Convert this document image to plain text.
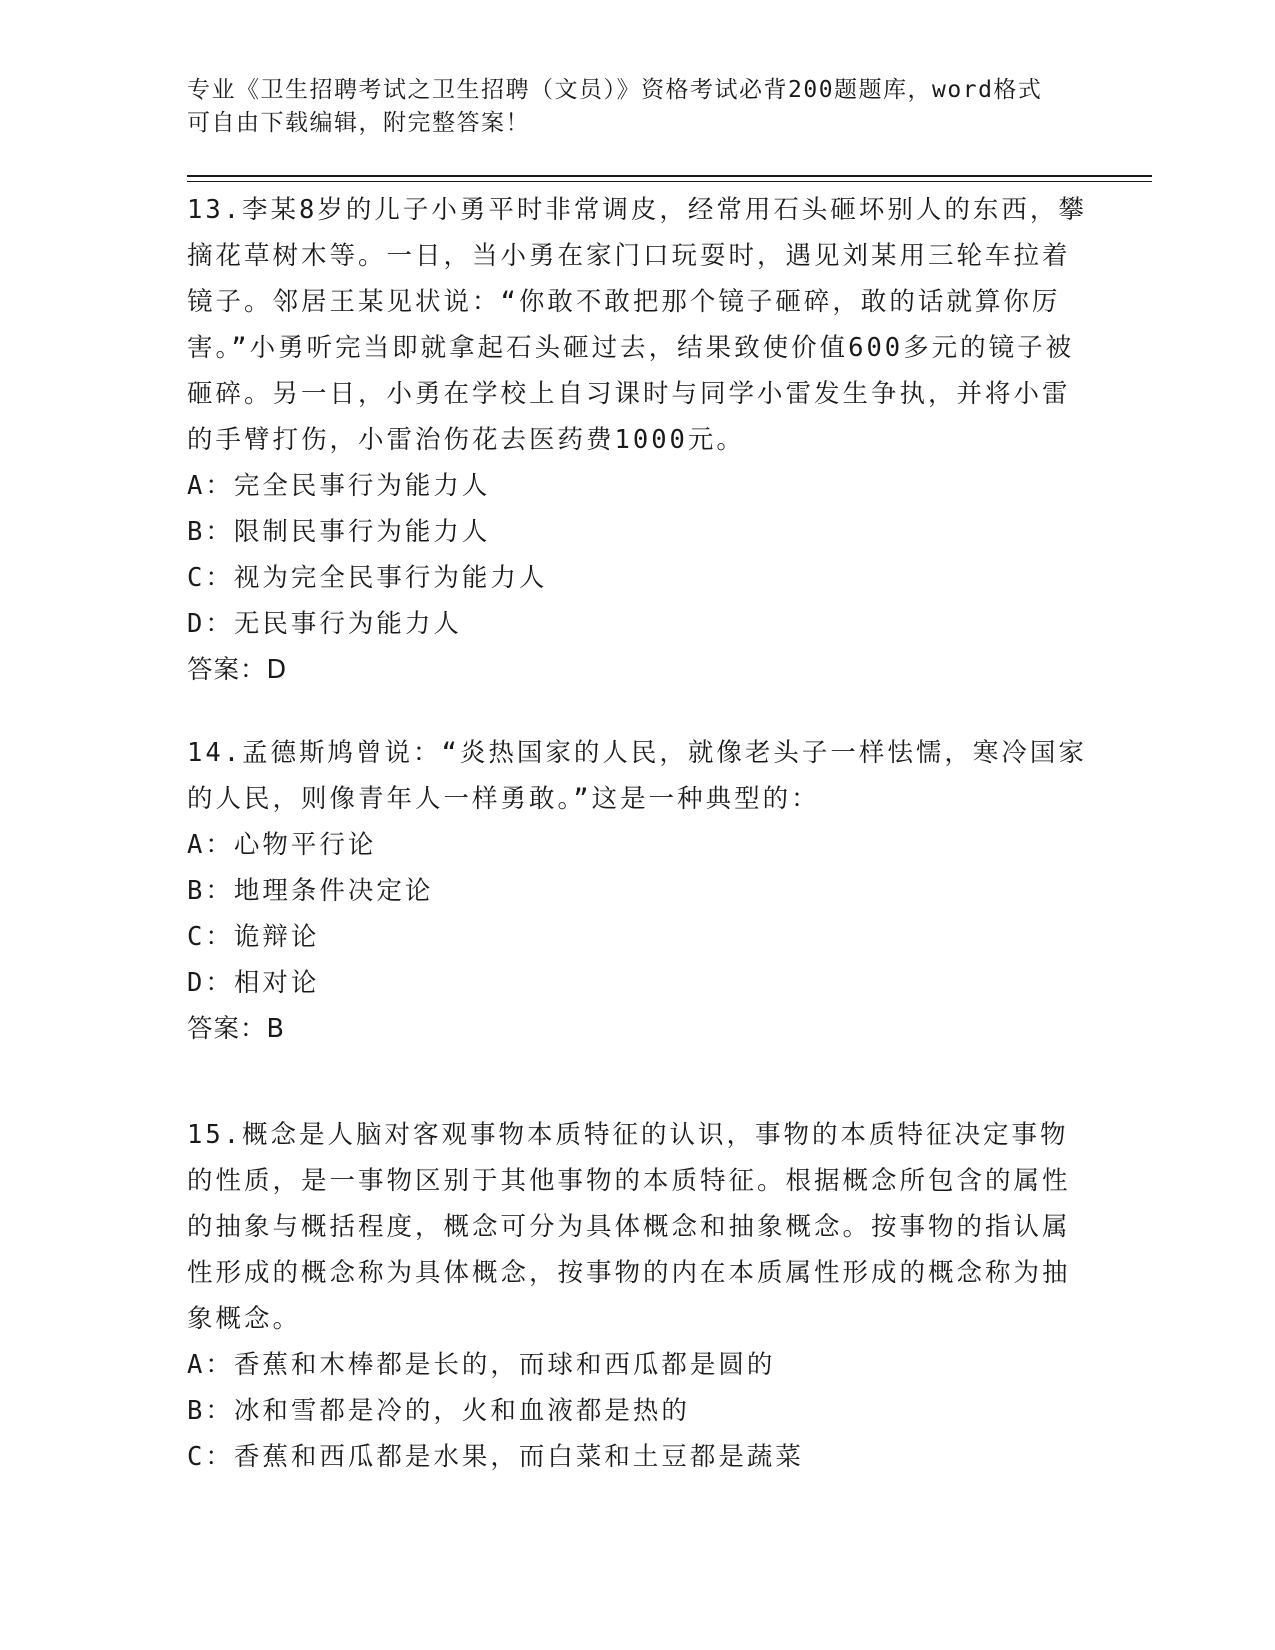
专业《卫生招聘考试之卫生招聘（文员）》资格考试必背200题题库，word格式
可自由下载编辑，附完整答案！

13.李某8岁的儿子小勇平时非常调皮，经常用石头砸坏别人的东西，攀摘花草树木等。一日，当小勇在家门口玩耍时，遇见刘某用三轮车拉着镜子。邻居王某见状说：“你敢不敢把那个镜子砸碎，敢的话就算你厉害。”小勇听完当即就拿起石头砸过去，结果致使价值600多元的镜子被砸碎。另一日，小勇在学校上自习课时与同学小雷发生争执，并将小雷的手臂打伤，小雷治伤花去医药费1000元。

A：完全民事行为能力人

B：限制民事行为能力人

C：视为完全民事行为能力人

D：无民事行为能力人

答案：D

14.孟德斯鸠曾说：“炎热国家的人民，就像老头子一样怯懦，寒冷国家的人民，则像青年人一样勇敢。”这是一种典型的：

A：心物平行论

B：地理条件决定论

C：诡辩论

D：相对论

答案：B

15.概念是人脑对客观事物本质特征的认识，事物的本质特征决定事物的性质，是一事物区别于其他事物的本质特征。根据概念所包含的属性的抽象与概括程度，概念可分为具体概念和抽象概念。按事物的指认属性形成的概念称为具体概念，按事物的内在本质属性形成的概念称为抽象概念。

A：香蕉和木棒都是长的，而球和西瓜都是圆的

B：冰和雪都是冷的，火和血液都是热的

C：香蕉和西瓜都是水果，而白菜和土豆都是蔬菜
